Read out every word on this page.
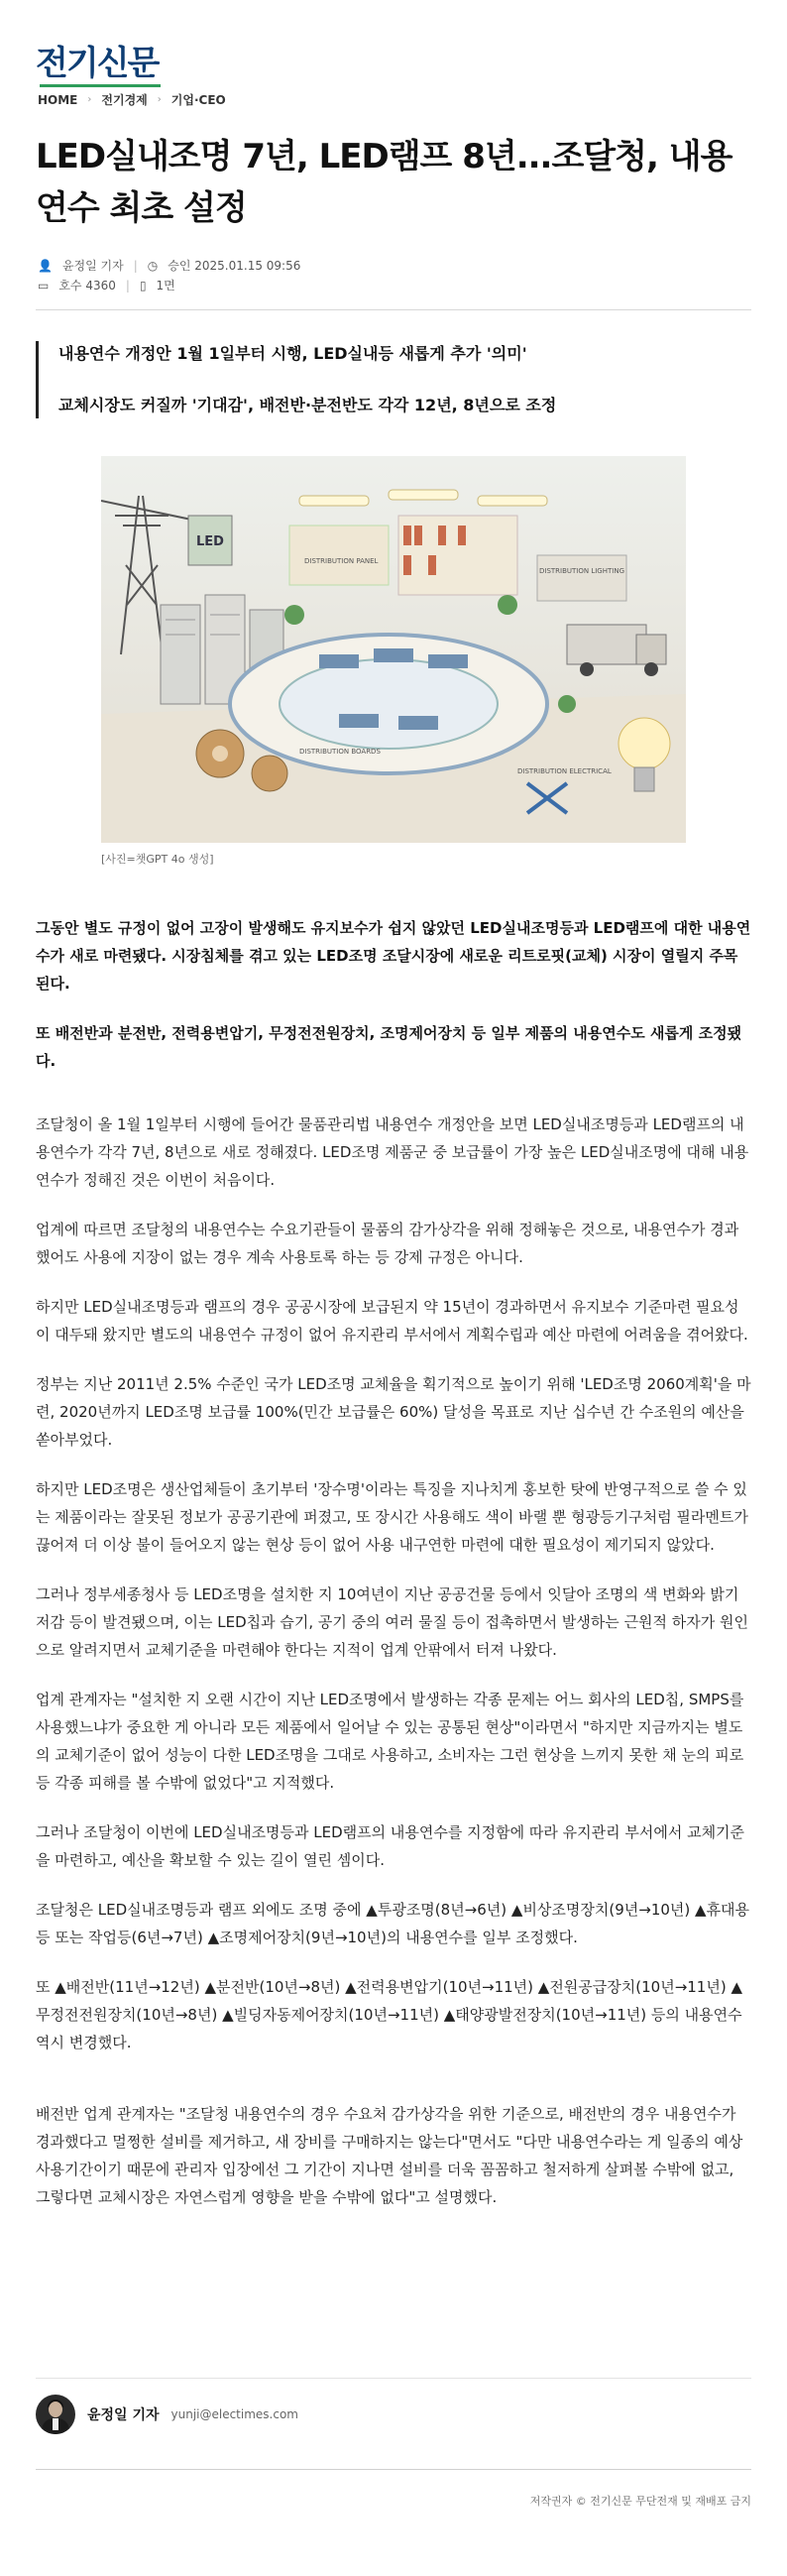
전기신문
HOME › 전기경제 › 기업·CEO
LED실내조명 7년, LED램프 8년...조달청, 내용
연수 최초 설정
👤 윤정일 기자 | ◷ 승인 2025.01.15 09:56
▭ 호수 4360 | ▯ 1면

내용연수 개정안 1월 1일부터 시행, LED실내등 새롭게 추가 '의미'

교체시장도 커질까 '기대감', 배전반·분전반도 각각 12년, 8년으로 조정

LED
DISTRIBUTION LIGHTING
DISTRIBUTION PANEL
DISTRIBUTION BOARDS
DISTRIBUTION ELECTRICAL
[사진=챗GPT 4o 생성]

그동안 별도 규정이 없어 고장이 발생해도 유지보수가 쉽지 않았던 LED실내조명등과 LED램프에 대한 내용연수가 새로 마련됐다. 시장침체를 겪고 있는 LED조명 조달시장에 새로운 리트로핏(교체) 시장이 열릴지 주목된다.

또 배전반과 분전반, 전력용변압기, 무정전전원장치, 조명제어장치 등 일부 제품의 내용연수도 새롭게 조정됐다.

조달청이 올 1월 1일부터 시행에 들어간 물품관리법 내용연수 개정안을 보면 LED실내조명등과 LED램프의 내용연수가 각각 7년, 8년으로 새로 정해졌다. LED조명 제품군 중 보급률이 가장 높은 LED실내조명에 대해 내용연수가 정해진 것은 이번이 처음이다.

업계에 따르면 조달청의 내용연수는 수요기관들이 물품의 감가상각을 위해 정해놓은 것으로, 내용연수가 경과했어도 사용에 지장이 없는 경우 계속 사용토록 하는 등 강제 규정은 아니다.

하지만 LED실내조명등과 램프의 경우 공공시장에 보급된지 약 15년이 경과하면서 유지보수 기준마련 필요성이 대두돼 왔지만 별도의 내용연수 규정이 없어 유지관리 부서에서 계획수립과 예산 마련에 어려움을 겪어왔다.

정부는 지난 2011년 2.5% 수준인 국가 LED조명 교체율을 획기적으로 높이기 위해 'LED조명 2060계획'을 마련, 2020년까지 LED조명 보급률 100%(민간 보급률은 60%) 달성을 목표로 지난 십수년 간 수조원의 예산을 쏟아부었다.

하지만 LED조명은 생산업체들이 초기부터 '장수명'이라는 특징을 지나치게 홍보한 탓에 반영구적으로 쓸 수 있는 제품이라는 잘못된 정보가 공공기관에 퍼졌고, 또 장시간 사용해도 색이 바랠 뿐 형광등기구처럼 필라멘트가 끊어져 더 이상 불이 들어오지 않는 현상 등이 없어 사용 내구연한 마련에 대한 필요성이 제기되지 않았다.

그러나 정부세종청사 등 LED조명을 설치한 지 10여년이 지난 공공건물 등에서 잇달아 조명의 색 변화와 밝기저감 등이 발견됐으며, 이는 LED칩과 습기, 공기 중의 여러 물질 등이 접촉하면서 발생하는 근원적 하자가 원인으로 알려지면서 교체기준을 마련해야 한다는 지적이 업계 안팎에서 터져 나왔다.

업계 관계자는 "설치한 지 오랜 시간이 지난 LED조명에서 발생하는 각종 문제는 어느 회사의 LED칩, SMPS를 사용했느냐가 중요한 게 아니라 모든 제품에서 일어날 수 있는 공통된 현상"이라면서 "하지만 지금까지는 별도의 교체기준이 없어 성능이 다한 LED조명을 그대로 사용하고, 소비자는 그런 현상을 느끼지 못한 채 눈의 피로 등 각종 피해를 볼 수밖에 없었다"고 지적했다.

그러나 조달청이 이번에 LED실내조명등과 LED램프의 내용연수를 지정함에 따라 유지관리 부서에서 교체기준을 마련하고, 예산을 확보할 수 있는 길이 열린 셈이다.

조달청은 LED실내조명등과 램프 외에도 조명 중에 ▲투광조명(8년→6년) ▲비상조명장치(9년→10년) ▲휴대용등 또는 작업등(6년→7년) ▲조명제어장치(9년→10년)의 내용연수를 일부 조정했다.

또 ▲배전반(11년→12년) ▲분전반(10년→8년) ▲전력용변압기(10년→11년) ▲전원공급장치(10년→11년) ▲무정전전원장치(10년→8년) ▲빌딩자동제어장치(10년→11년) ▲태양광발전장치(10년→11년) 등의 내용연수 역시 변경했다.

배전반 업계 관계자는 "조달청 내용연수의 경우 수요처 감가상각을 위한 기준으로, 배전반의 경우 내용연수가 경과했다고 멀쩡한 설비를 제거하고, 새 장비를 구매하지는 않는다"면서도 "다만 내용연수라는 게 일종의 예상 사용기간이기 때문에 관리자 입장에선 그 기간이 지나면 설비를 더욱 꼼꼼하고 철저하게 살펴볼 수밖에 없고, 그렇다면 교체시장은 자연스럽게 영향을 받을 수밖에 없다"고 설명했다.

윤정일 기자 yunji@electimes.com
저작권자 © 전기신문 무단전재 및 재배포 금지
